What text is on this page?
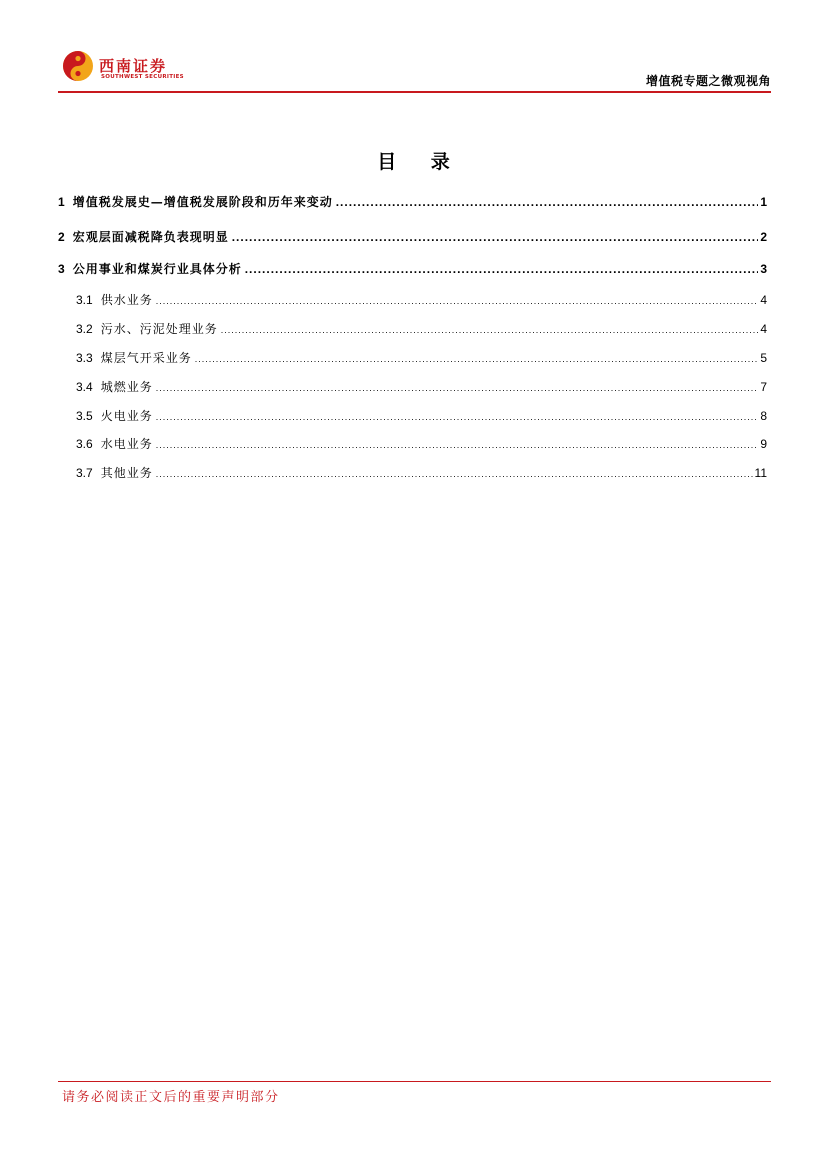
西南证券
SOUTHWEST SECURITIES	增值税专题之微观视角
目 录
1 增值税发展史—增值税发展阶段和历年来变动 .....	1
2 宏观层面减税降负表现明显 .....	2
3 公用事业和煤炭行业具体分析 .....	3
3.1 供水业务 .....	4
3.2 污水、污泥处理业务 .....	4
3.3 煤层气开采业务 .....	5
3.4 城燃业务 .....	7
3.5 火电业务 .....	8
3.6 水电业务 .....	9
3.7 其他业务 .....	11
请务必阅读正文后的重要声明部分
